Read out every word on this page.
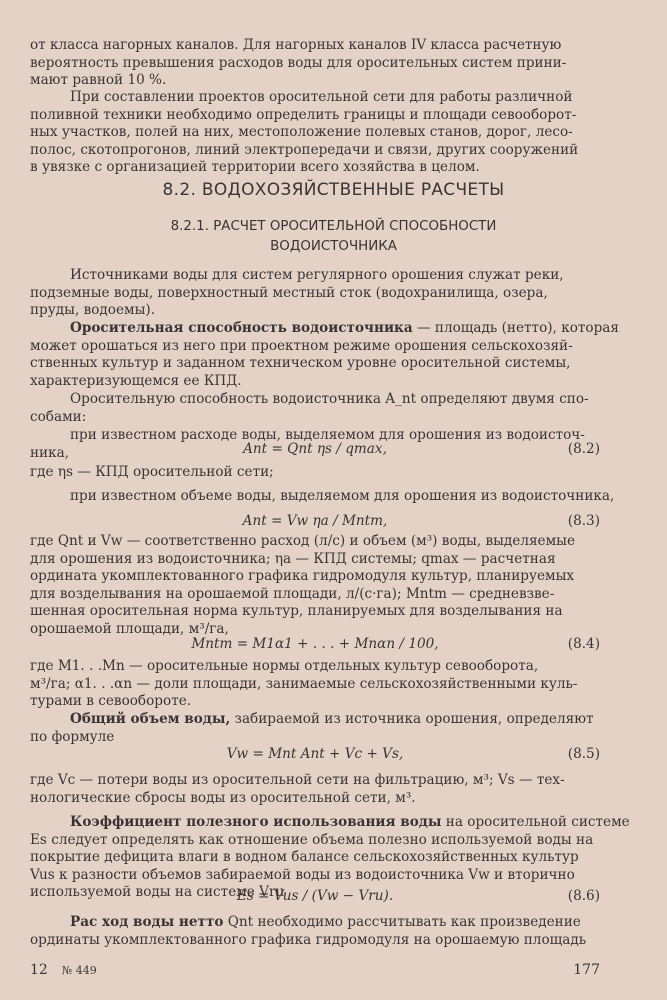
от класса нагорных каналов. Для нагорных каналов IV класса расчетную
вероятность превышения расходов воды для оросительных систем прини-
мают равной 10 %.
При составлении проектов оросительной сети для работы различной
поливной техники необходимо определить границы и площади севооборот-
ных участков, полей на них, местоположение полевых станов, дорог, лесо-
полос, скотопрогонов, линий электропередачи и связи, других сооружений
в увязке с организацией территории всего хозяйства в целом.
8.2. ВОДОХОЗЯЙСТВЕННЫЕ РАСЧЕТЫ
8.2.1. РАСЧЕТ ОРОСИТЕЛЬНОЙ СПОСОБНОСТИ
ВОДОИСТОЧНИКА
Источниками воды для систем регулярного орошения служат реки,
подземные воды, поверхностный местный сток (водохранилища, озера,
пруды, водоемы).
Оросительная способность водоисточника — площадь (нетто), которая
может орошаться из него при проектном режиме орошения сельскохозяй-
ственных культур и заданном техническом уровне оросительной системы,
характеризующемся ее КПД.
Оросительную способность водоисточника A_nt определяют двумя спо-
собами:
при известном расходе воды, выделяемом для орошения из водоисточ-
ника,	Ant = Qnt ηs / qmax,	(8.2)
где ηs — КПД оросительной сети;
при известном объеме воды, выделяемом для орошения из водоисточника,
Ant = Vw ηa / Mntm,	(8.3)
где Qnt и Vw — соответственно расход (л/с) и объем (м³) воды, выделяемые
для орошения из водоисточника; ηa — КПД системы; qmax — расчетная
ордината укомплектованного графика гидромодуля культур, планируемых
для возделывания на орошаемой площади, л/(с·га); Mntm — средневзве-
шенная оросительная норма культур, планируемых для возделывания на
орошаемой площади, м³/га,
Mntm = M1α1 + . . . + Mnαn / 100,	(8.4)
где M1. . .Mn — оросительные нормы отдельных культур севооборота,
м³/га; α1. . .αn — доли площади, занимаемые сельскохозяйственными куль-
турами в севообороте.
Общий объем воды, забираемой из источника орошения, определяют
по формуле
Vw = Mnt Ant + Vc + Vs,	(8.5)
где Vc — потери воды из оросительной сети на фильтрацию, м³; Vs — тех-
нологические сбросы воды из оросительной сети, м³.
Коэффициент полезного использования воды на оросительной системе
Es следует определять как отношение объема полезно используемой воды на
покрытие дефицита влаги в водном балансе сельскохозяйственных культур
Vus к разности объемов забираемой воды из водоисточника Vw и вторично
используемой воды на системе Vru
Es = Vus / (Vw − Vru).	(8.6)
Рас ход воды нетто Qnt необходимо рассчитывать как произведение
ординаты укомплектованного графика гидромодуля на орошаемую площадь
12 № 449	177
